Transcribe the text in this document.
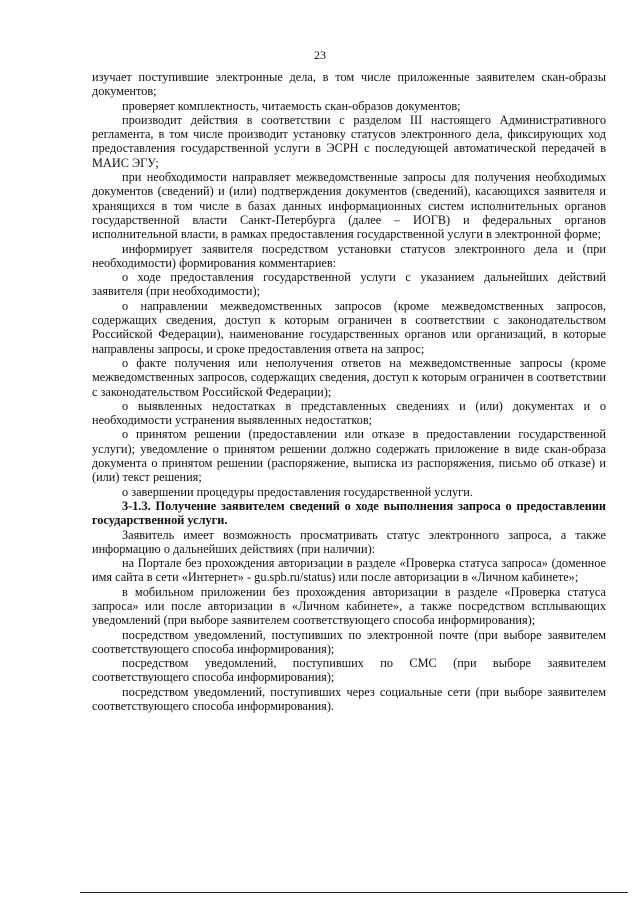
23

изучает поступившие электронные дела, в том числе приложенные заявителем скан-образы документов;

проверяет комплектность, читаемость скан-образов документов;

производит действия в соответствии с разделом III настоящего Административного регламента, в том числе производит установку статусов электронного дела, фиксирующих ход предоставления государственной услуги в ЭСРН с последующей автоматической передачей в МАИС ЭГУ;

при необходимости направляет межведомственные запросы для получения необходимых документов (сведений) и (или) подтверждения документов (сведений), касающихся заявителя и хранящихся в том числе в базах данных информационных систем исполнительных органов государственной власти Санкт-Петербурга (далее – ИОГВ) и федеральных органов исполнительной власти, в рамках предоставления государственной услуги в электронной форме;

информирует заявителя посредством установки статусов электронного дела и (при необходимости) формирования комментариев:

о ходе предоставления государственной услуги с указанием дальнейших действий заявителя (при необходимости);

о направлении межведомственных запросов (кроме межведомственных запросов, содержащих сведения, доступ к которым ограничен в соответствии с законодательством Российской Федерации), наименование государственных органов или организаций, в которые направлены запросы, и сроке предоставления ответа на запрос;

о факте получения или неполучения ответов на межведомственные запросы (кроме межведомственных запросов, содержащих сведения, доступ к которым ограничен в соответствии с законодательством Российской Федерации);

о выявленных недостатках в представленных сведениях и (или) документах и о необходимости устранения выявленных недостатков;

о принятом решении (предоставлении или отказе в предоставлении государственной услуги); уведомление о принятом решении должно содержать приложение в виде скан-образа документа о принятом решении (распоряжение, выписка из распоряжения, письмо об отказе) и (или) текст решения;

о завершении процедуры предоставления государственной услуги.

3-1.3. Получение заявителем сведений о ходе выполнения запроса о предоставлении государственной услуги.

Заявитель имеет возможность просматривать статус электронного запроса, а также информацию о дальнейших действиях (при наличии):

на Портале без прохождения авторизации в разделе «Проверка статуса запроса» (доменное имя сайта в сети «Интернет» - gu.spb.ru/status) или после авторизации в «Личном кабинете»;

в мобильном приложении без прохождения авторизации в разделе «Проверка статуса запроса» или после авторизации в «Личном кабинете», а также посредством всплывающих уведомлений (при выборе заявителем соответствующего способа информирования);

посредством уведомлений, поступивших по электронной почте (при выборе заявителем соответствующего способа информирования);

посредством уведомлений, поступивших по СМС (при выборе заявителем соответствующего способа информирования);

посредством уведомлений, поступивших через социальные сети (при выборе заявителем соответствующего способа информирования).
